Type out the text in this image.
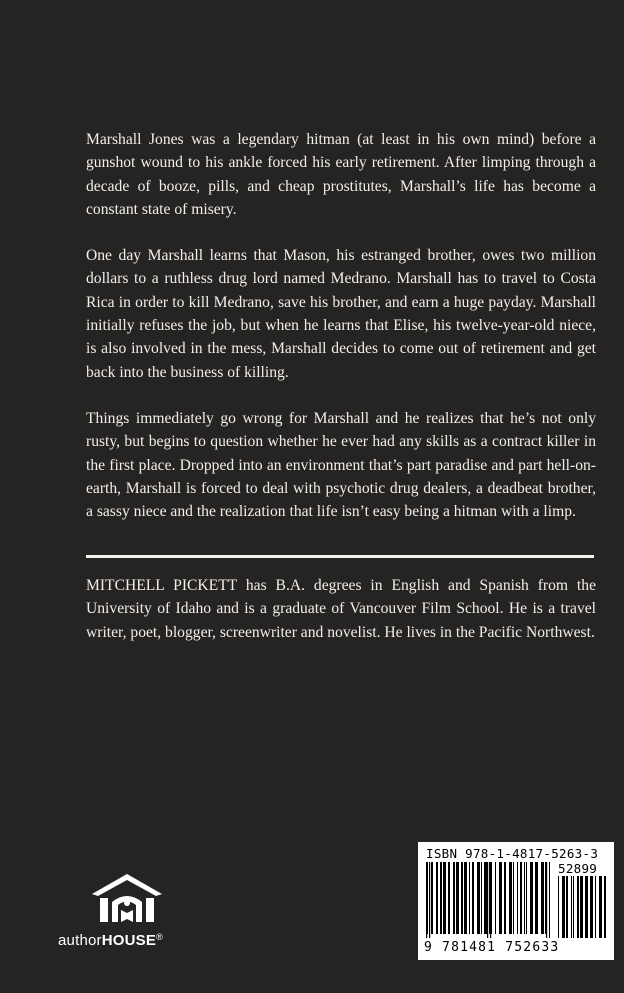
Marshall Jones was a legendary hitman (at least in his own mind) before a gunshot wound to his ankle forced his early retirement. After limping through a decade of booze, pills, and cheap prostitutes, Marshall’s life has become a constant state of misery.

One day Marshall learns that Mason, his estranged brother, owes two million dollars to a ruthless drug lord named Medrano. Marshall has to travel to Costa Rica in order to kill Medrano, save his brother, and earn a huge payday. Marshall initially refuses the job, but when he learns that Elise, his twelve-year-old niece, is also involved in the mess, Marshall decides to come out of retirement and get back into the business of killing.

Things immediately go wrong for Marshall and he realizes that he’s not only rusty, but begins to question whether he ever had any skills as a contract killer in the first place. Dropped into an environment that’s part paradise and part hell-on-earth, Marshall is forced to deal with psychotic drug dealers, a deadbeat brother, a sassy niece and the realization that life isn’t easy being a hitman with a limp.

MITCHELL PICKETT has B.A. degrees in English and Spanish from the University of Idaho and is a graduate of Vancouver Film School. He is a travel writer, poet, blogger, screenwriter and novelist. He lives in the Pacific Northwest.

authorHOUSE®
ISBN 978-1-4817-5263-3
52899
9 781481 752633
